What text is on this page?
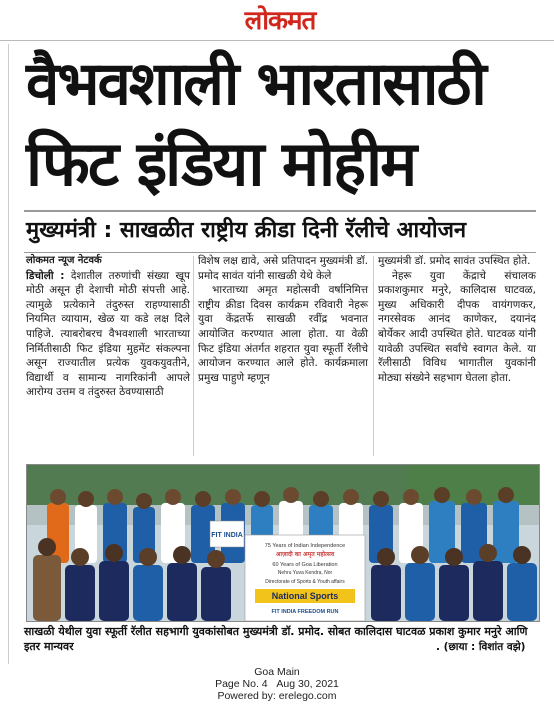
लोकमत
वैभवशाली भारतासाठी
फिट इंडिया मोहीम
मुख्यमंत्री : साखळीत राष्ट्रीय क्रीडा दिनी रॅलीचे आयोजन
लोकमत न्यूज नेटवर्क

डिचोली : देशातील तरुणांची संख्या खूप मोठी असून ही देशाची मोठी संपत्ती आहे. त्यामुळे प्रत्येकाने तंदुरुस्त राहण्यासाठी नियमित व्यायाम, खेळ या कडे लक्ष दिले पाहिजे. त्याबरोबरच वैभवशाली भारताच्या निर्मितीसाठी फिट इंडिया मुहमेंट संकल्पना असून राज्यातील प्रत्येक युवकयुवतीने, विद्यार्थी व सामान्य नागरिकांनी आपले आरोग्य उत्तम व तंदुरुस्त ठेवण्यासाठी

विशेष लक्ष द्यावे, असे प्रतिपादन मुख्यमंत्री डॉ. प्रमोद सावंत यांनी साखळी येथे केले

भारताच्या अमृत महोत्सवी वर्षानिमित्त राष्ट्रीय क्रीडा दिवस कार्यक्रम रविवारी नेहरू युवा केंद्रतर्फे साखळी रवींद्र भवनात आयोजित करण्यात आला होता. या वेळी फिट इंडिया अंतर्गत शहरात युवा स्फूर्ती रॅलीचे आयोजन करण्यात आले होते. कार्यक्रमाला प्रमुख पाहुणे म्हणून

मुख्यमंत्री डॉ. प्रमोद सावंत उपस्थित होते.

नेहरू युवा केंद्राचे संचालक प्रकाशकुमार मनुरे, कालिदास घाटवळ, मुख्य अधिकारी दीपक वायंगणकर, नगरसेवक आनंद काणेकर, दयानंद बोर्येकर आदी उपस्थित होते. घाटवळ यांनी यावेळी उपस्थित सर्वांचे स्वागत केले. या रॅलीसाठी विविध भागातील युवकांनी मोठ्या संख्येने सहभाग घेतला होता.

FIT INDIA
75 Years of Indian Independence
आज़ादी का अमृत महोत्सव
60 Years of Goa Liberation
Nehru Yuva Kendra, Nor
Directorate of Sports & Youth affairs
National Sports
FIT INDIA FREEDOM RUN
साखळी येथील युवा स्फूर्ती रॅलीत सहभागी युवकांसोबत मुख्यमंत्री डॉ. प्रमोद. सोबत कालिदास घाटवळ प्रकाश कुमार मनुरे आणि इतर मान्यवर	. (छाया : विशांत वझे)
Goa Main
Page No. 4 Aug 30, 2021
Powered by: erelego.com
